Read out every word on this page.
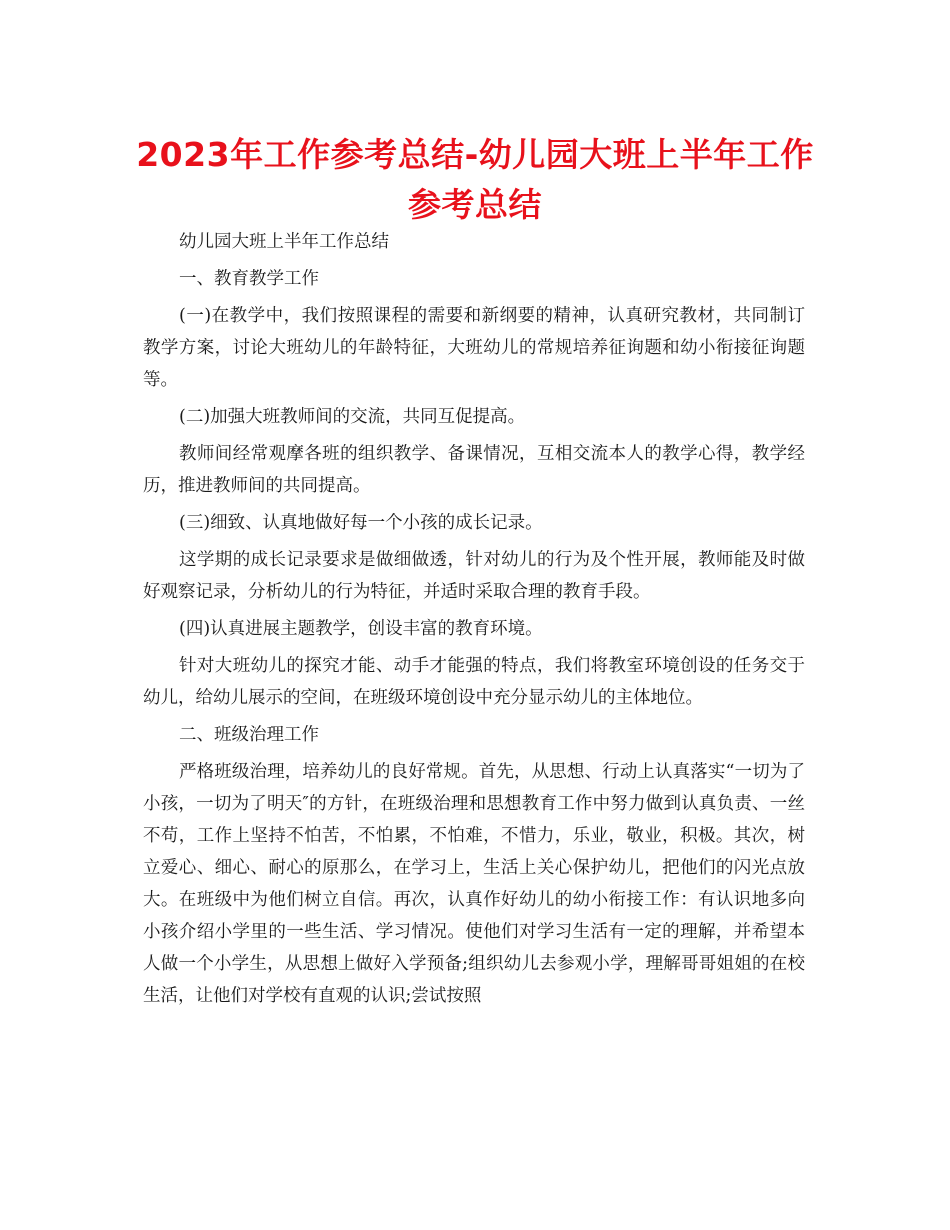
2023年工作参考总结-幼儿园大班上半年工作参考总结

幼儿园大班上半年工作总结

一、教育教学工作

(一)在教学中，我们按照课程的需要和新纲要的精神，认真研究教材，共同制订教学方案，讨论大班幼儿的年龄特征，大班幼儿的常规培养征询题和幼小衔接征询题等。

(二)加强大班教师间的交流，共同互促提高。

教师间经常观摩各班的组织教学、备课情况，互相交流本人的教学心得，教学经历，推进教师间的共同提高。

(三)细致、认真地做好每一个小孩的成长记录。

这学期的成长记录要求是做细做透，针对幼儿的行为及个性开展，教师能及时做好观察记录，分析幼儿的行为特征，并适时采取合理的教育手段。

(四)认真进展主题教学，创设丰富的教育环境。

针对大班幼儿的探究才能、动手才能强的特点，我们将教室环境创设的任务交于幼儿，给幼儿展示的空间，在班级环境创设中充分显示幼儿的主体地位。

二、班级治理工作

严格班级治理，培养幼儿的良好常规。首先，从思想、行动上认真落实“一切为了小孩，一切为了明天″的方针，在班级治理和思想教育工作中努力做到认真负责、一丝不苟，工作上坚持不怕苦，不怕累，不怕难，不惜力，乐业，敬业，积极。其次，树立爱心、细心、耐心的原那么，在学习上，生活上关心保护幼儿，把他们的闪光点放大。在班级中为他们树立自信。再次，认真作好幼儿的幼小衔接工作：有认识地多向小孩介绍小学里的一些生活、学习情况。使他们对学习生活有一定的理解，并希望本人做一个小学生，从思想上做好入学预备;组织幼儿去参观小学，理解哥哥姐姐的在校生活，让他们对学校有直观的认识;尝试按照
